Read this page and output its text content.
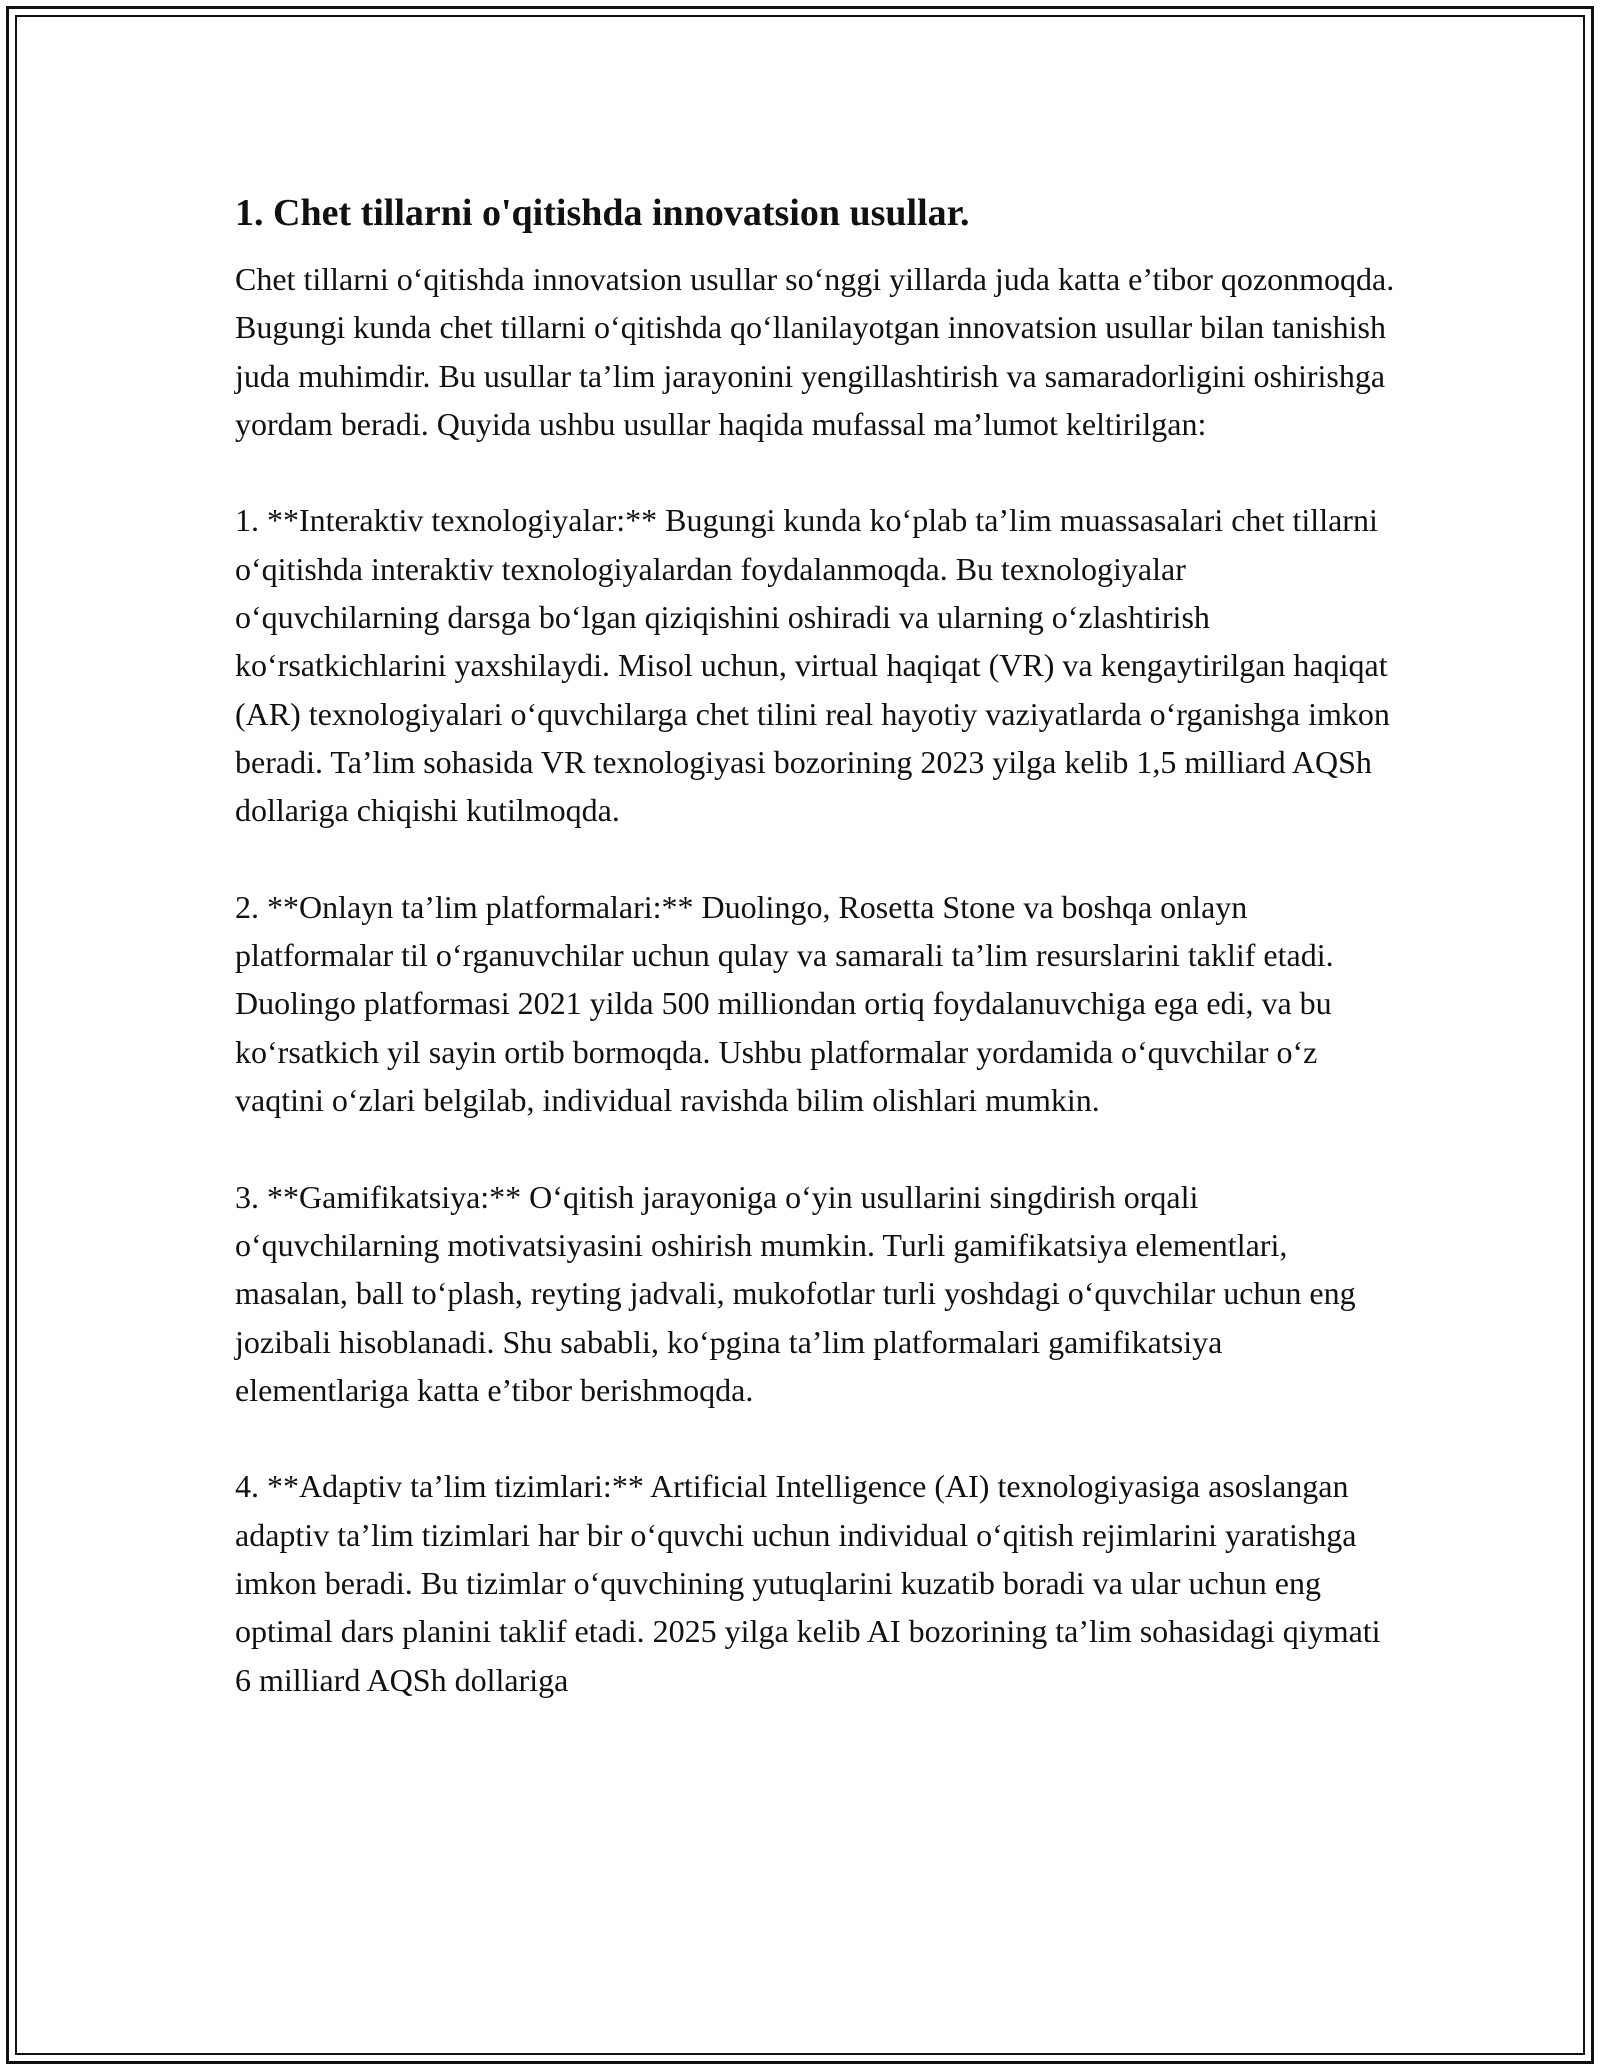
1. Chet tillarni o'qitishda innovatsion usullar.

Chet tillarni o‘qitishda innovatsion usullar so‘nggi yillarda juda katta e’tibor qozonmoqda. Bugungi kunda chet tillarni o‘qitishda qo‘llanilayotgan innovatsion usullar bilan tanishish juda muhimdir. Bu usullar ta’lim jarayonini yengillashtirish va samaradorligini oshirishga yordam beradi. Quyida ushbu usullar haqida mufassal ma’lumot keltirilgan:

1. **Interaktiv texnologiyalar:** Bugungi kunda ko‘plab ta’lim muassasalari chet tillarni o‘qitishda interaktiv texnologiyalardan foydalanmoqda. Bu texnologiyalar o‘quvchilarning darsga bo‘lgan qiziqishini oshiradi va ularning o‘zlashtirish ko‘rsatkichlarini yaxshilaydi. Misol uchun, virtual haqiqat (VR) va kengaytirilgan haqiqat (AR) texnologiyalari o‘quvchilarga chet tilini real hayotiy vaziyatlarda o‘rganishga imkon beradi. Ta’lim sohasida VR texnologiyasi bozorining 2023 yilga kelib 1,5 milliard AQSh dollariga chiqishi kutilmoqda.

2. **Onlayn ta’lim platformalari:** Duolingo, Rosetta Stone va boshqa onlayn platformalar til o‘rganuvchilar uchun qulay va samarali ta’lim resurslarini taklif etadi. Duolingo platformasi 2021 yilda 500 milliondan ortiq foydalanuvchiga ega edi, va bu ko‘rsatkich yil sayin ortib bormoqda. Ushbu platformalar yordamida o‘quvchilar o‘z vaqtini o‘zlari belgilab, individual ravishda bilim olishlari mumkin.

3. **Gamifikatsiya:** O‘qitish jarayoniga o‘yin usullarini singdirish orqali o‘quvchilarning motivatsiyasini oshirish mumkin. Turli gamifikatsiya elementlari, masalan, ball to‘plash, reyting jadvali, mukofotlar turli yoshdagi o‘quvchilar uchun eng jozibali hisoblanadi. Shu sababli, ko‘pgina ta’lim platformalari gamifikatsiya elementlariga katta e’tibor berishmoqda.

4. **Adaptiv ta’lim tizimlari:** Artificial Intelligence (AI) texnologiyasiga asoslangan adaptiv ta’lim tizimlari har bir o‘quvchi uchun individual o‘qitish rejimlarini yaratishga imkon beradi. Bu tizimlar o‘quvchining yutuqlarini kuzatib boradi va ular uchun eng optimal dars planini taklif etadi. 2025 yilga kelib AI bozorining ta’lim sohasidagi qiymati 6 milliard AQSh dollariga
